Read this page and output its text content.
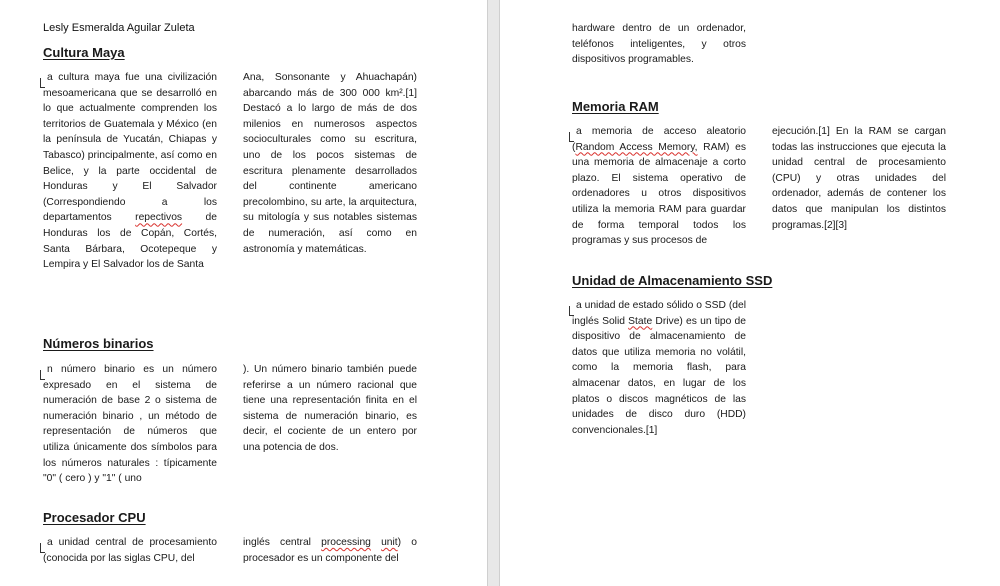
Lesly Esmeralda Aguilar Zuleta
Cultura Maya

a cultura maya fue una civilización mesoamericana que se desarrolló en lo que actualmente comprenden los territorios de Guatemala y México (en la península de Yucatán, Chiapas y Tabasco) principalmente, así como en Belice, y la parte occidental de Honduras y El Salvador (Correspondiendo a los departamentos repectivos de Honduras los de Copán, Cortés, Santa Bárbara, Ocotepeque y Lempira y El Salvador los de Santa

Ana, Sonsonante y Ahuachapán) abarcando más de 300 000 km².[1] Destacó a lo largo de más de dos milenios en numerosos aspectos socioculturales como su escritura, uno de los pocos sistemas de escritura plenamente desarrollados del continente americano precolombino, su arte, la arquitectura, su mitología y sus notables sistemas de numeración, así como en astronomía y matemáticas.

Números binarios

n número binario es un número expresado en el sistema de numeración de base 2 o sistema de numeración binario , un método de representación de números que utiliza únicamente dos símbolos para los números naturales : típicamente "0" ( cero ) y "1" ( uno

). Un número binario también puede referirse a un número racional que tiene una representación finita en el sistema de numeración binario, es decir, el cociente de un entero por una potencia de dos.

Procesador CPU

a unidad central de procesamiento (conocida por las siglas CPU, del

inglés central processing unit) o procesador es un componente del

hardware dentro de un ordenador, teléfonos inteligentes, y otros dispositivos programables.

Memoria RAM

a memoria de acceso aleatorio (Random Access Memory, RAM) es una memoria de almacenaje a corto plazo. El sistema operativo de ordenadores u otros dispositivos utiliza la memoria RAM para guardar de forma temporal todos los programas y sus procesos de

ejecución.[1] En la RAM se cargan todas las instrucciones que ejecuta la unidad central de procesamiento (CPU) y otras unidades del ordenador, además de contener los datos que manipulan los distintos programas.[2][3]

Unidad de Almacenamiento SSD

a unidad de estado sólido o SSD (del inglés Solid State Drive) es un tipo de dispositivo de almacenamiento de datos que utiliza memoria no volátil, como la memoria flash, para almacenar datos, en lugar de los platos o discos magnéticos de las unidades de disco duro (HDD) convencionales.[1]
